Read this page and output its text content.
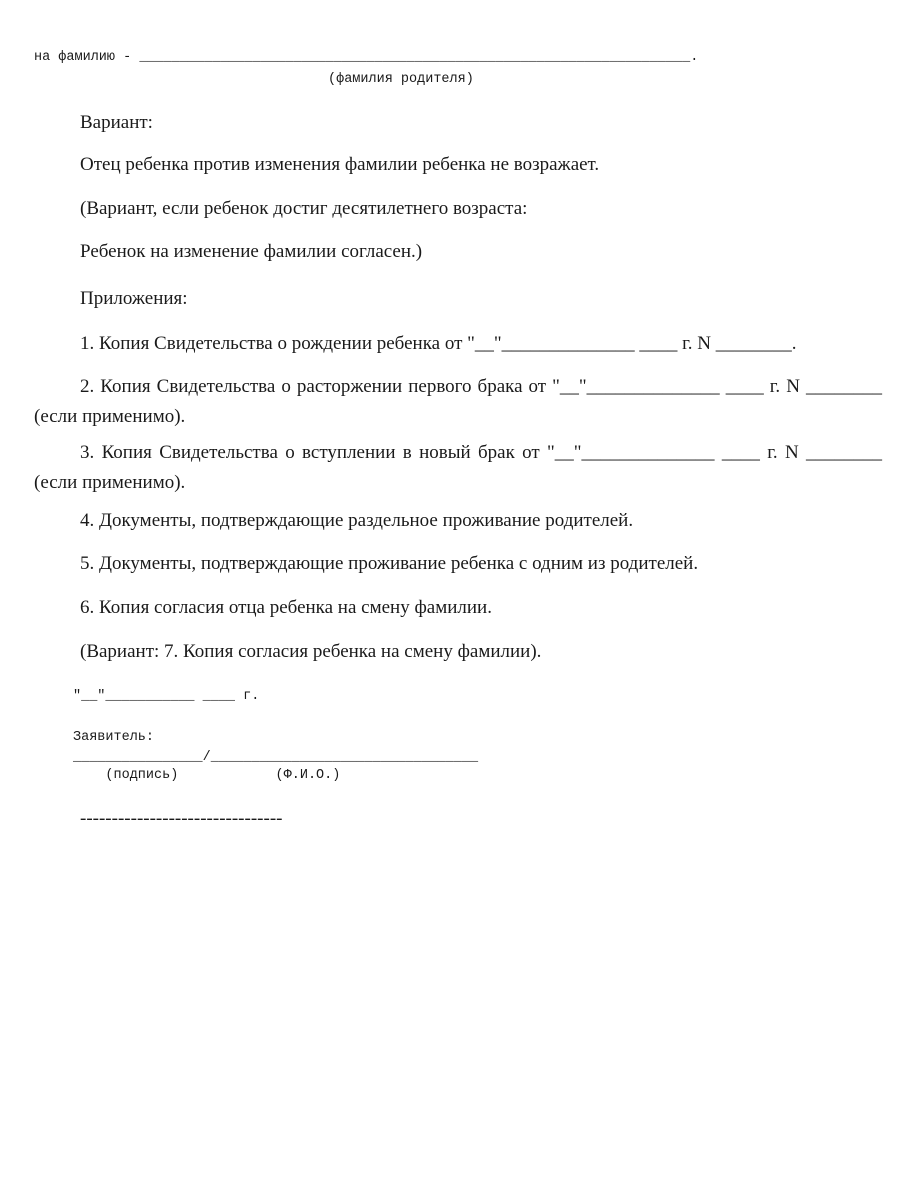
на фамилию - ____________________________________________________________________.
(фамилия родителя)
Вариант:
Отец ребенка против изменения фамилии ребенка не возражает.
(Вариант, если ребенок достиг десятилетнего возраста:
Ребенок на изменение фамилии согласен.)
Приложения:
1. Копия Свидетельства о рождении ребенка от "__"______________ ____ г. N ________.
2. Копия Свидетельства о расторжении первого брака от "__"______________ ____ г. N ________ (если применимо).
3. Копия Свидетельства о вступлении в новый брак от "__"______________ ____ г. N ________ (если применимо).
4. Документы, подтверждающие раздельное проживание родителей.
5. Документы, подтверждающие проживание ребенка с одним из родителей.
6. Копия согласия отца ребенка на смену фамилии.
(Вариант: 7. Копия согласия ребенка на смену фамилии).
"__"___________ ____ г.
Заявитель:
________________/_________________________________
(подпись)            (Ф.И.О.)
--------------------------------
